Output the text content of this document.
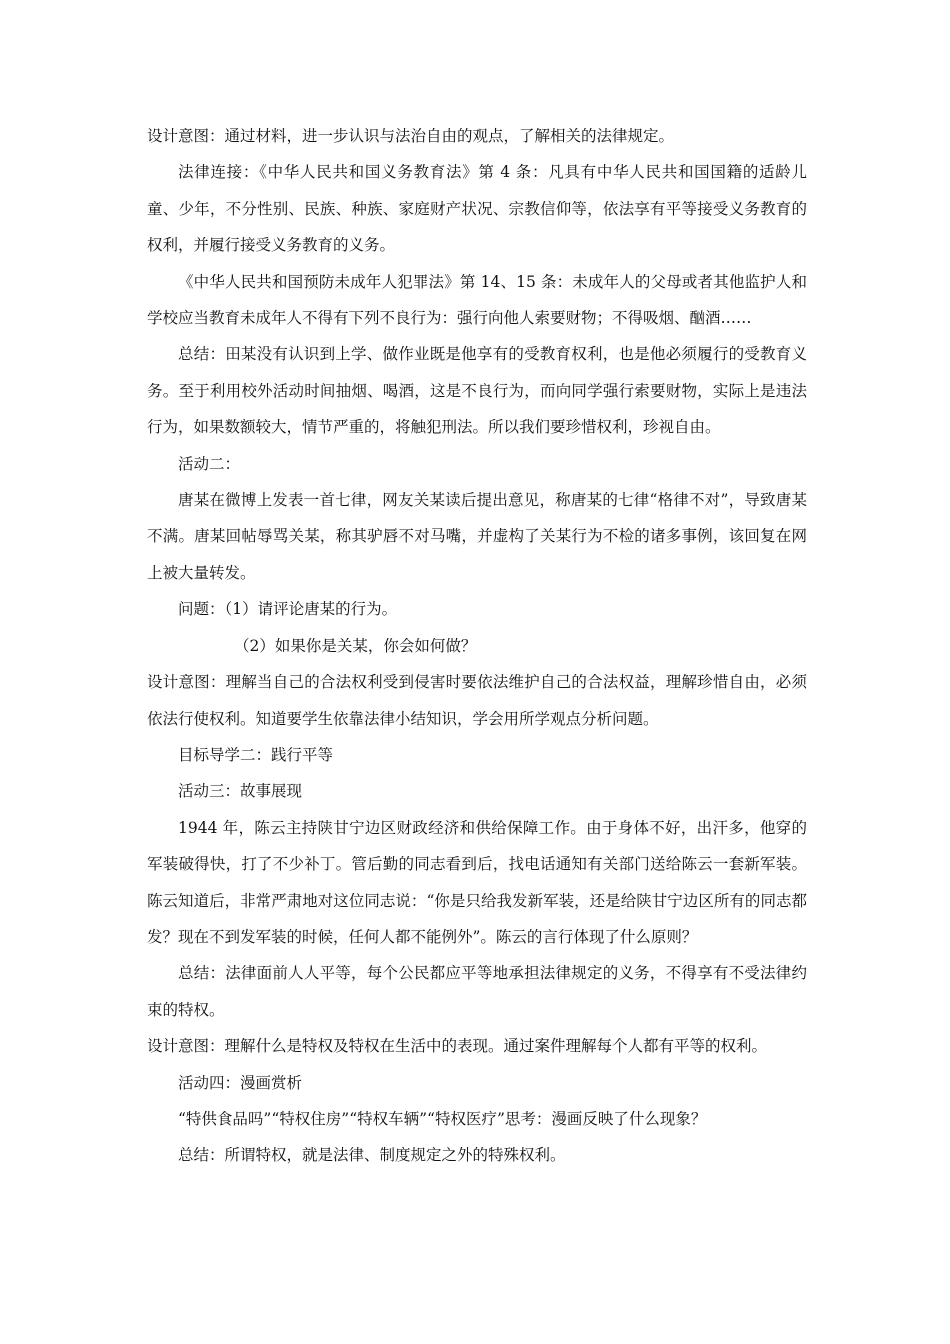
设计意图：通过材料，进一步认识与法治自由的观点，了解相关的法律规定。

法律连接：《中华人民共和国义务教育法》第 4 条：凡具有中华人民共和国国籍的适龄儿童、少年，不分性别、民族、种族、家庭财产状况、宗教信仰等，依法享有平等接受义务教育的权利，并履行接受义务教育的义务。

《中华人民共和国预防未成年人犯罪法》第 14、15 条：未成年人的父母或者其他监护人和学校应当教育未成年人不得有下列不良行为：强行向他人索要财物；不得吸烟、酗酒……

总结：田某没有认识到上学、做作业既是他享有的受教育权利，也是他必须履行的受教育义务。至于利用校外活动时间抽烟、喝酒，这是不良行为，而向同学强行索要财物，实际上是违法行为，如果数额较大，情节严重的，将触犯刑法。所以我们要珍惜权利，珍视自由。

活动二：

唐某在微博上发表一首七律，网友关某读后提出意见，称唐某的七律“格律不对”，导致唐某不满。唐某回帖辱骂关某，称其驴唇不对马嘴，并虚构了关某行为不检的诸多事例，该回复在网上被大量转发。

问题：（1）请评论唐某的行为。

（2）如果你是关某，你会如何做？

设计意图：理解当自己的合法权利受到侵害时要依法维护自己的合法权益，理解珍惜自由，必须依法行使权利。知道要学生依靠法律小结知识，学会用所学观点分析问题。

目标导学二：践行平等

活动三：故事展现

1944 年，陈云主持陕甘宁边区财政经济和供给保障工作。由于身体不好，出汗多，他穿的军装破得快，打了不少补丁。管后勤的同志看到后，找电话通知有关部门送给陈云一套新军装。陈云知道后，非常严肃地对这位同志说：“你是只给我发新军装，还是给陕甘宁边区所有的同志都发？现在不到发军装的时候，任何人都不能例外”。陈云的言行体现了什么原则？

总结：法律面前人人平等，每个公民都应平等地承担法律规定的义务，不得享有不受法律约束的特权。

设计意图：理解什么是特权及特权在生活中的表现。通过案件理解每个人都有平等的权利。

活动四：漫画赏析

“特供食品吗”“特权住房”“特权车辆”“特权医疗”思考：漫画反映了什么现象？

总结：所谓特权，就是法律、制度规定之外的特殊权利。
